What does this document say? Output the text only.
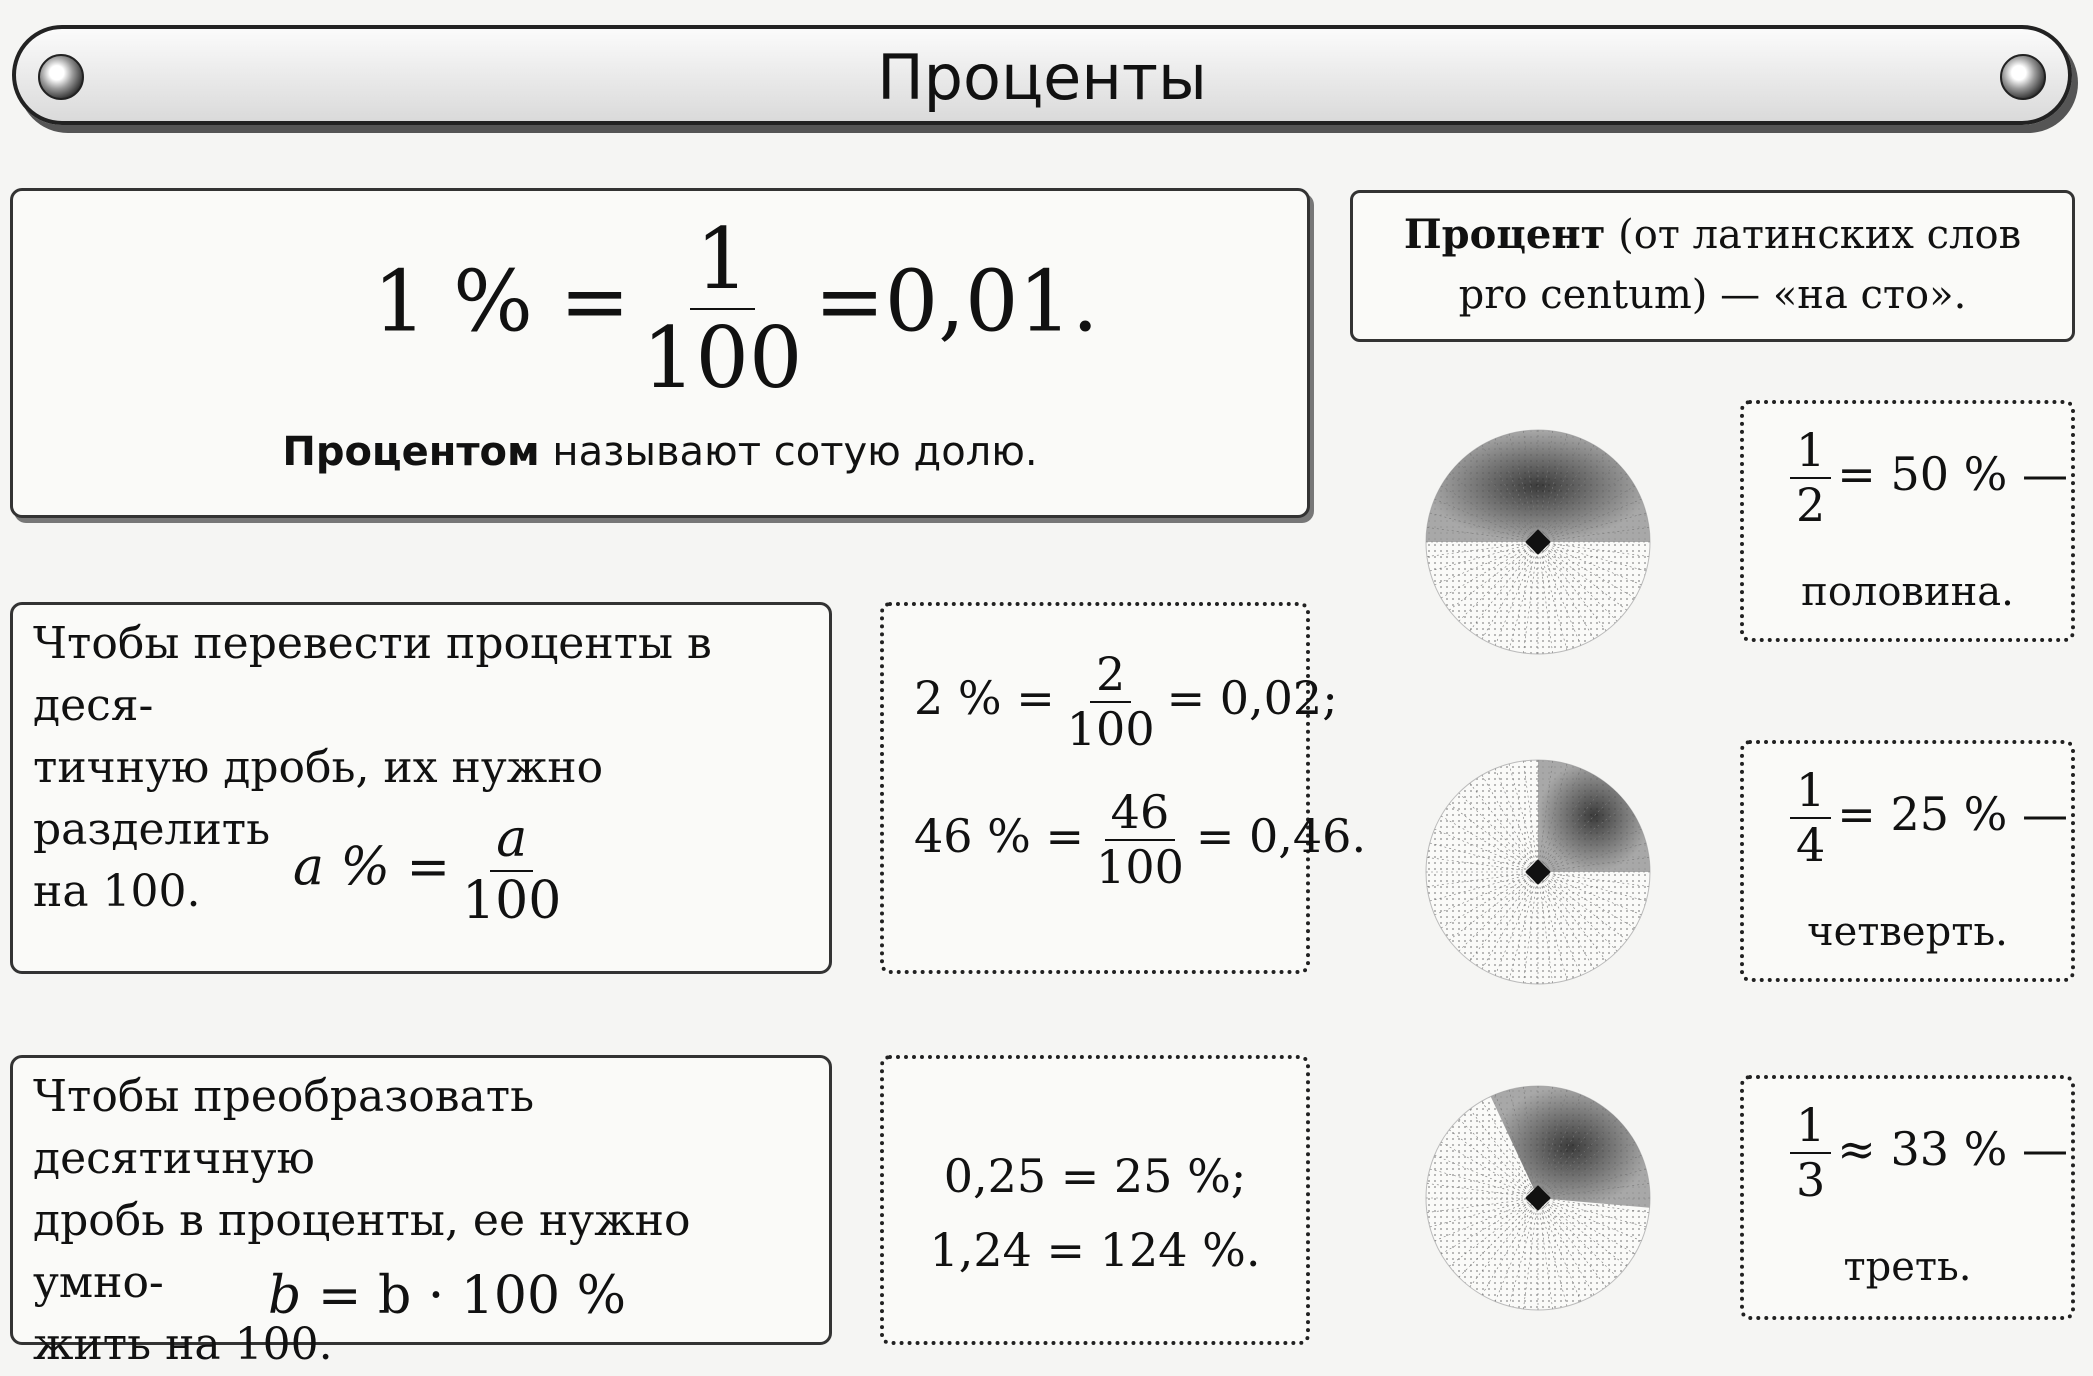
Проценты
1 % = $\frac{1}{100} =0,01$.
Процентом называют сотую долю.
Процент (от латинских слов
pro centum) — «на сто».
Чтобы перевести проценты в деся-
тичную дробь, их нужно разделить
на 100.	a % = $\frac{a}{100}$
2 % = $\frac{2}{100} = 0,02$;
46 % = $\frac{46}{100} = 0,46$.
Чтобы преобразовать десятичную
дробь в проценты, ее нужно умно-
жить на 100.
b = b · 100 %
0,25 = 25 %;
1,24 = 124 %.
$\frac{1}{2} = 50$ % —
половина.
$\frac{1}{4} = 25$ % —
четверть.
$\frac{1}{3} \approx 33$ % —
треть.
